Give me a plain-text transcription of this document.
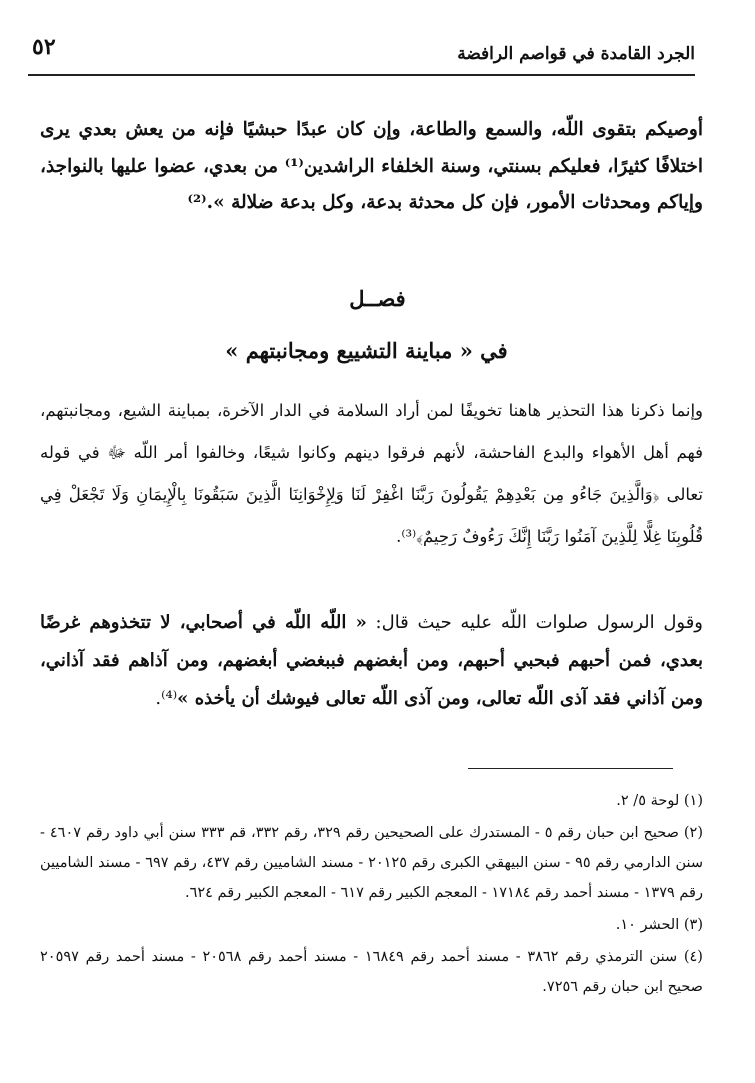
الجرد القامدة في قواصم الرافضة
٥٢

أوصيكم بتقوى اللّه، والسمع والطاعة، وإن كان عبدًا حبشيًا فإنه من يعش بعدي يرى اختلافًا كثيرًا، فعليكم بسنتي، وسنة الخلفاء الراشدين⁽¹⁾ من بعدي، عضوا عليها بالنواجذ، وإياكم ومحدثات الأمور، فإن كل محدثة بدعة، وكل بدعة ضلالة ».⁽²⁾

فصــل
في « مباينة التشييع ومجانبتهم »

وإنما ذكرنا هذا التحذير هاهنا تخويفًا لمن أراد السلامة في الدار الآخرة، بمباينة الشيع، ومجانبتهم، فهم أهل الأهواء والبدع الفاحشة، لأنهم فرقوا دينهم وكانوا شيعًا، وخالفوا أمر اللّه ﷻ في قوله تعالى ﴿وَالَّذِينَ جَاءُو مِن بَعْدِهِمْ يَقُولُونَ رَبَّنَا اغْفِرْ لَنَا وَلِإِخْوَانِنَا الَّذِينَ سَبَقُونَا بِالْإِيمَانِ وَلَا تَجْعَلْ فِي قُلُوبِنَا غِلًّا لِلَّذِينَ آمَنُوا رَبَّنَا إِنَّكَ رَءُوفٌ رَحِيمٌ﴾⁽³⁾.

وقول الرسول صلوات اللّه عليه حيث قال: « اللّه اللّه في أصحابي، لا تتخذوهم غرضًا بعدي، فمن أحبهم فبحبي أحبهم، ومن أبغضهم فببغضي أبغضهم، ومن آذاهم فقد آذاني، ومن آذاني فقد آذى اللّه تعالى، ومن آذى اللّه تعالى فيوشك أن يأخذه »⁽⁴⁾.

(١) لوحة ٥/ ٢.

(٢) صحيح ابن حبان رقم ٥ - المستدرك على الصحيحين رقم ٣٢٩، رقم ٣٣٢، قم ٣٣٣ سنن أبي داود رقم ٤٦٠٧ - سنن الدارمي رقم ٩٥ - سنن البيهقي الكبرى رقم ٢٠١٢٥ - مسند الشاميين رقم ٤٣٧، رقم ٦٩٧ - مسند الشاميين رقم ١٣٧٩ - مسند أحمد رقم ١٧١٨٤ - المعجم الكبير رقم ٦١٧ - المعجم الكبير رقم ٦٢٤.

(٣) الحشر ١٠.

(٤) سنن الترمذي رقم ٣٨٦٢ - مسند أحمد رقم ١٦٨٤٩ - مسند أحمد رقم ٢٠٥٦٨ - مسند أحمد رقم ٢٠٥٩٧ صحيح ابن حبان رقم ٧٢٥٦.
